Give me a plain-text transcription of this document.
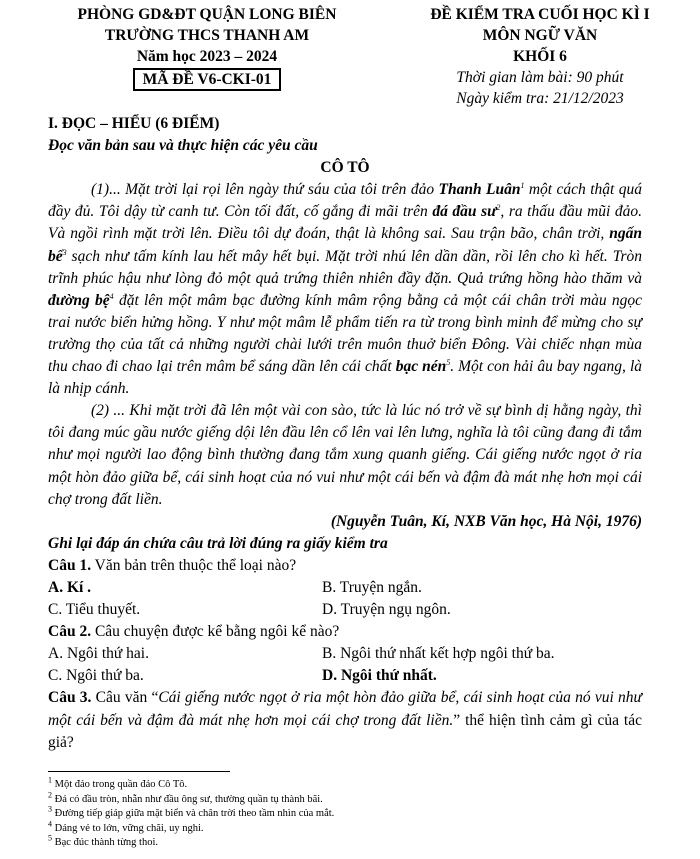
PHÒNG GD&ĐT QUẬN LONG BIÊN
TRƯỜNG THCS THANH AM
Năm học 2023 – 2024
MÃ ĐỀ V6-CKI-01
ĐỀ KIỂM TRA CUỐI HỌC KÌ I
MÔN NGỮ VĂN
KHỐI 6
Thời gian làm bài: 90 phút
Ngày kiểm tra: 21/12/2023

I. ĐỌC – HIỂU (6 ĐIỂM)

Đọc văn bản sau và thực hiện các yêu cầu

CÔ TÔ

(1)... Mặt trời lại rọi lên ngày thứ sáu của tôi trên đảo Thanh Luân$^1$ một cách thật quá đầy đủ. Tôi dậy từ canh tư. Còn tối đất, cố gắng đi mãi trên đá đầu $sư^2$, ra thấu đầu mũi đảo. Và ngồi rình mặt trời lên. Điều tôi dự đoán, thật là không sai. Sau trận bão, chân trời, ngấn bể$^3$ sạch như tấm kính lau hết mây hết bụi. Mặt trời nhú lên dần dần, rồi lên cho kì hết. Tròn trĩnh phúc hậu như lòng đỏ một quả trứng thiên nhiên đầy đặn. Quả trứng hồng hào thăm và đường bệ$^4$ đặt lên một mâm bạc đường kính mâm rộng bằng cả một cái chân trời màu ngọc trai nước biển hửng hồng. Y như một mâm lễ phẩm tiến ra từ trong bình minh để mừng cho sự trường thọ của tất cả những người chài lưới trên muôn thuở biển Đông. Vài chiếc nhạn mùa thu chao đi chao lại trên mâm bể sáng dần lên cái chất bạc nén$^5$. Một con hải âu bay ngang, là là nhịp cánh.

(2) ... Khi mặt trời đã lên một vài con sào, tức là lúc nó trở về sự bình dị hằng ngày, thì tôi đang múc gầu nước giếng dội lên đầu lên cổ lên vai lên lưng, nghĩa là tôi cũng đang đi tắm như mọi người lao động bình thường đang tắm xung quanh giếng. Cái giếng nước ngọt ở ria một hòn đảo giữa bể, cái sinh hoạt của nó vui như một cái bến và đậm đà mát nhẹ hơn mọi cái chợ trong đất liền.

(Nguyễn Tuân, Kí, NXB Văn học, Hà Nội, 1976)

Ghi lại đáp án chứa câu trả lời đúng ra giấy kiểm tra

Câu 1. Văn bản trên thuộc thể loại nào?

A. Kí .	B. Truyện ngắn.
C. Tiểu thuyết.	D. Truyện ngụ ngôn.

Câu 2. Câu chuyện được kể bằng ngôi kể nào?

A. Ngôi thứ hai.	B. Ngôi thứ nhất kết hợp ngôi thứ ba.
C. Ngôi thứ ba.	D. Ngôi thứ nhất.

Câu 3. Câu văn “Cái giếng nước ngọt ở ria một hòn đảo giữa bể, cái sinh hoạt của nó vui như một cái bến và đậm đà mát nhẹ hơn mọi cái chợ trong đất liền.” thể hiện tình cảm gì của tác giả?

$^1$ Một đảo trong quần đảo Cô Tô.
$^2$ Đá có đầu tròn, nhẵn như đầu ông sư, thường quần tụ thành bãi.
$^3$ Đường tiếp giáp giữa mặt biển và chân trời theo tầm nhìn của mắt.
$^4$ Dáng vẻ to lớn, vững chãi, uy nghi.
$^5$ Bạc đúc thành từng thoi.
